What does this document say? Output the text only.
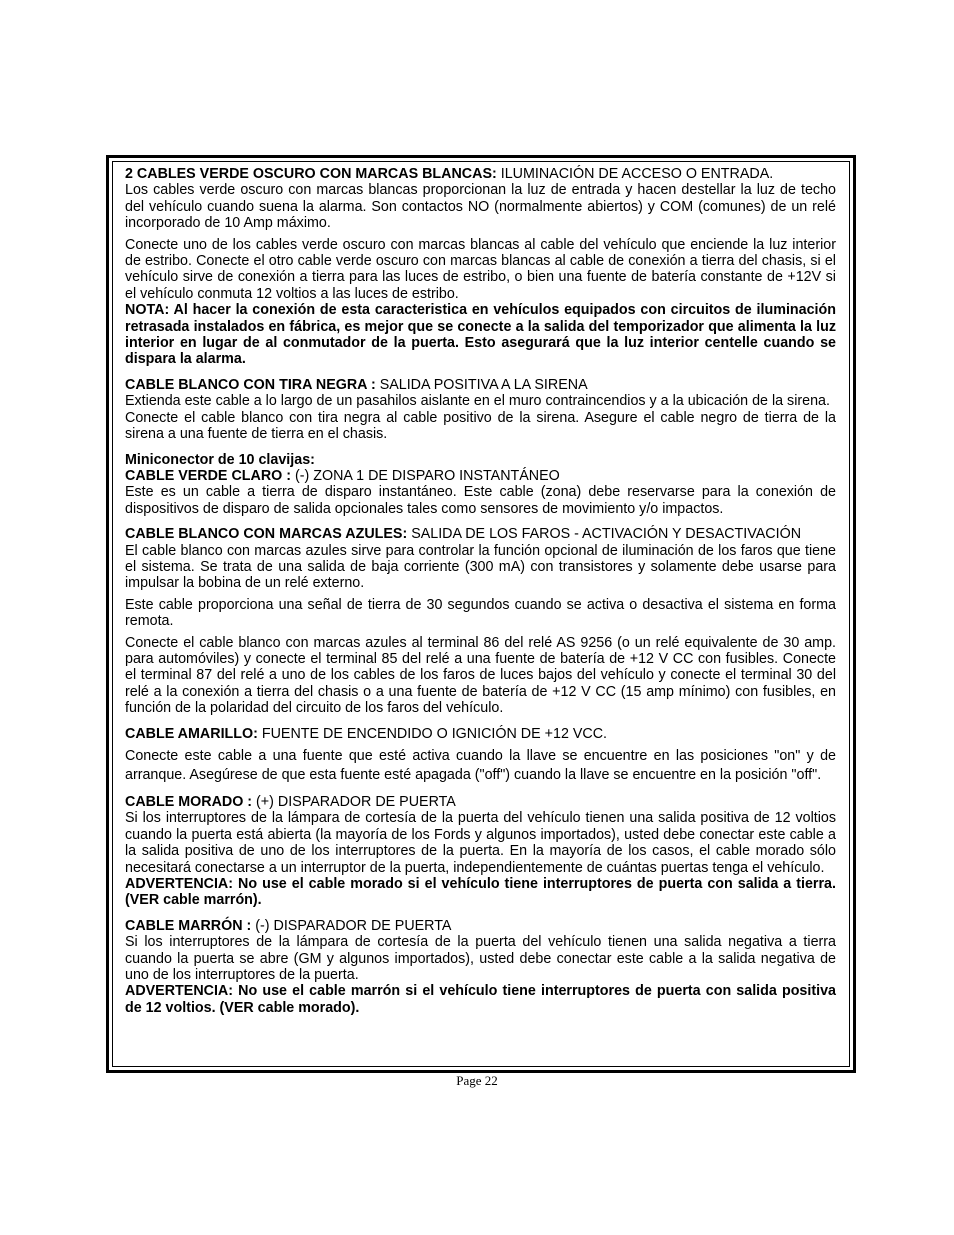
2 CABLES VERDE OSCURO CON MARCAS BLANCAS: ILUMINACIÓN DE ACCESO O ENTRADA.

Los cables verde oscuro con marcas blancas proporcionan la luz de entrada y hacen destellar la luz de techo del vehículo cuando suena la alarma. Son contactos NO (normalmente abiertos) y COM (comunes) de un relé incorporado de 10 Amp máximo.

Conecte uno de los cables verde oscuro con marcas blancas al cable del vehículo que enciende la luz interior de estribo. Conecte el otro cable verde oscuro con marcas blancas al cable de conexión a tierra del chasis, si el vehículo sirve de conexión a tierra para las luces de estribo, o bien una fuente de batería constante de +12V si el vehículo conmuta 12 voltios a las luces de estribo.

NOTA: Al hacer la conexión de esta caracteristica en vehículos equipados con circuitos de iluminación retrasada instalados en fábrica, es mejor que se conecte a la salida del temporizador que alimenta la luz interior en lugar de al conmutador de la puerta. Esto asegurará que la luz interior centelle cuando se dispara la alarma.

CABLE BLANCO CON TIRA NEGRA : SALIDA POSITIVA A LA SIRENA

Extienda este cable a lo largo de un pasahilos aislante en el muro contraincendios y a la ubicación de la sirena.

Conecte el cable blanco con tira negra al cable positivo de la sirena. Asegure el cable negro de tierra de la sirena a una fuente de tierra en el chasis.

Miniconector de 10 clavijas:

CABLE VERDE CLARO : (-) ZONA 1 DE DISPARO INSTANTÁNEO

Este es un cable a tierra de disparo instantáneo. Este cable (zona) debe reservarse para la conexión de dispositivos de disparo de salida opcionales tales como sensores de movimiento y/o impactos.

CABLE BLANCO CON MARCAS AZULES: SALIDA DE LOS FAROS - ACTIVACIÓN Y DESACTIVACIÓN

El cable blanco con marcas azules sirve para controlar la función opcional de iluminación de los faros que tiene el sistema. Se trata de una salida de baja corriente (300 mA) con transistores y solamente debe usarse para impulsar la bobina de un relé externo.

Este cable proporciona una señal de tierra de 30 segundos cuando se activa o desactiva el sistema en forma remota.

Conecte el cable blanco con marcas azules al terminal 86 del relé AS 9256 (o un relé equivalente de 30 amp. para automóviles) y conecte el terminal 85 del relé a una fuente de batería de +12 V CC con fusibles. Conecte el terminal 87 del relé a uno de los cables de los faros de luces bajos del vehículo y conecte el terminal 30 del relé a la conexión a tierra del chasis o a una fuente de batería de +12 V CC (15 amp mínimo) con fusibles, en función de la polaridad del circuito de los faros del vehículo.

CABLE AMARILLO: FUENTE DE ENCENDIDO O IGNICIÓN DE +12 VCC.

Conecte este cable a una fuente que esté activa cuando la llave se encuentre en las posiciones "on" y de arranque. Asegúrese de que esta fuente esté apagada ("off") cuando la llave se encuentre en la posición "off".

CABLE MORADO : (+) DISPARADOR DE PUERTA

Si los interruptores de la lámpara de cortesía de la puerta del vehículo tienen una salida positiva de 12 voltios cuando la puerta está abierta (la mayoría de los Fords y algunos importados), usted debe conectar este cable a la salida positiva de uno de los interruptores de la puerta. En la mayoría de los casos, el cable morado sólo necesitará conectarse a un interruptor de la puerta, independientemente de cuántas puertas tenga el vehículo.

ADVERTENCIA: No use el cable morado si el vehículo tiene interruptores de puerta con salida a tierra. (VER cable marrón).

CABLE MARRÓN : (-) DISPARADOR DE PUERTA

Si los interruptores de la lámpara de cortesía de la puerta del vehículo tienen una salida negativa a tierra cuando la puerta se abre (GM y algunos importados), usted debe conectar este cable a la salida negativa de uno de los interruptores de la puerta.

ADVERTENCIA: No use el cable marrón si el vehículo tiene interruptores de puerta con salida positiva de 12 voltios. (VER cable morado).

Page 22
